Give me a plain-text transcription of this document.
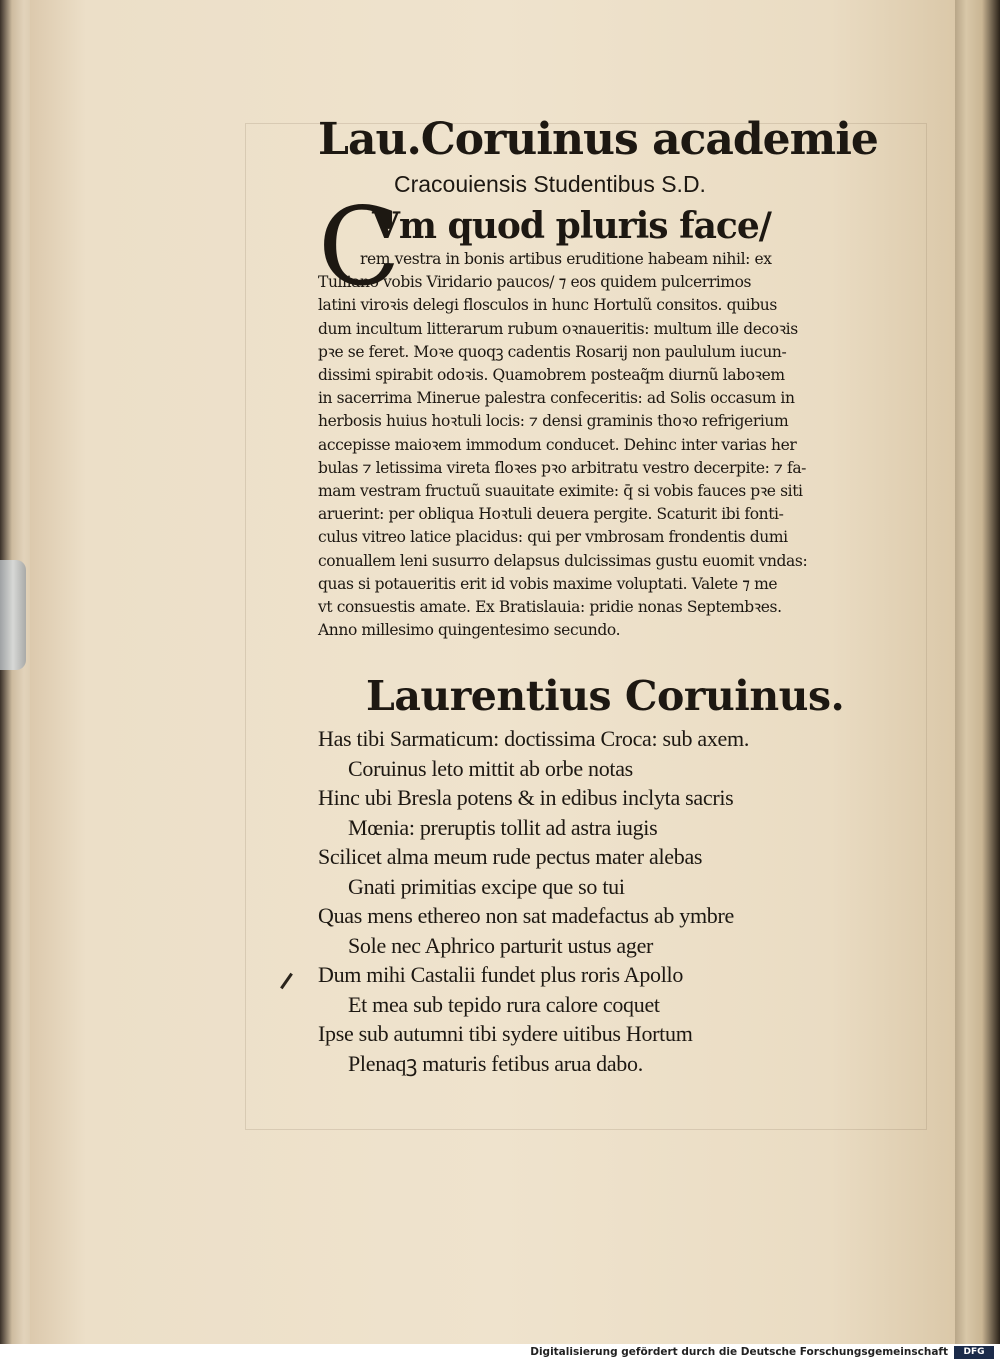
Lau.Coruinus academie
Cracouiensis Studentibus S.D.
C
Vm quod pluris face/
rem vestra in bonis artibus eruditione habeam nihil: ex
Tulliano vobis Viridario paucos/ ⁊ eos quidem pulcerrimos
latini viroꝛis delegi flosculos in hunc Hortulũ consitos. quibus
dum incultum litterarum rubum oꝛnaueritis: multum ille decoꝛis
pꝛe se feret. Moꝛe quoqꝫ cadentis Rosarij non paululum iucun-
dissimi spirabit odoꝛis. Quamobrem posteaq̃m diurnũ laboꝛem
in sacerrima Minerue palestra confeceritis: ad Solis occasum in
herbosis huius hoꝛtuli locis: ⁊ densi graminis thoꝛo refrigerium
accepisse maioꝛem immodum conducet. Dehinc inter varias her
bulas ⁊ letissima vireta floꝛes pꝛo arbitratu vestro decerpite: ⁊ fa-
mam vestram fructuũ suauitate eximite: q̄ si vobis fauces pꝛe siti
aruerint: per obliqua Hoꝛtuli deuera pergite. Scaturit ibi fonti-
culus vitreo latice placidus: qui per vmbrosam frondentis dumi
conuallem leni susurro delapsus dulcissimas gustu euomit vndas:
quas si potaueritis erit id vobis maxime voluptati. Valete ⁊ me
vt consuestis amate. Ex Bratislauia: pridie nonas Septembꝛes.
Anno millesimo quingentesimo secundo.
Laurentius Coruinus.
Has tibi Sarmaticum: doctissima Croca: sub axem.
Coruinus leto mittit ab orbe notas
Hinc ubi Bresla potens & in edibus inclyta sacris
Mœnia: preruptis tollit ad astra iugis
Scilicet alma meum rude pectus mater alebas
Gnati primitias excipe que so tui
Quas mens ethereo non sat madefactus ab ymbre
Sole nec Aphrico parturit ustus ager
Dum mihi Castalii fundet plus roris Apollo
Et mea sub tepido rura calore coquet
Ipse sub autumni tibi sydere uitibus Hortum
Plenaqꝫ maturis fetibus arua dabo.
Digitalisierung gefördert durch die Deutsche Forschungsgemeinschaft	DFG
